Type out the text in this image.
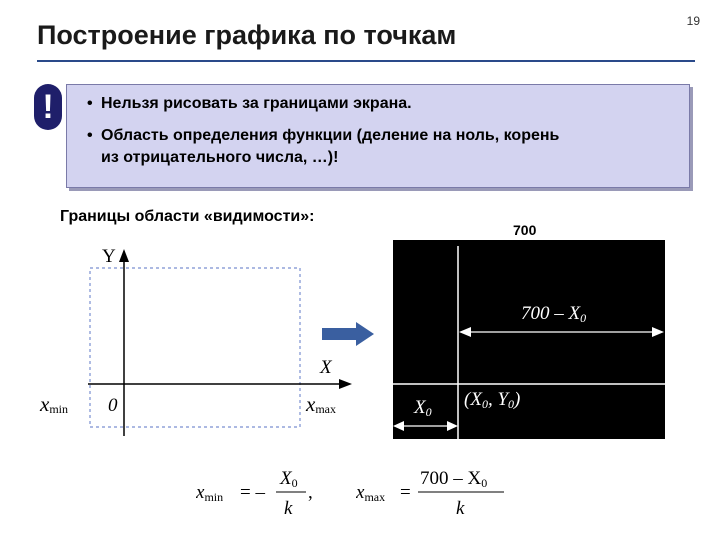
19
Построение графика по точкам
!	• Нельзя рисовать за границами экрана.
• Область определения функции (деление на ноль, корень
из отрицательного числа, …)!
Границы области «видимости»:
Y
X
0
xmin	xmax
700
700 – X0
X0
(X0, Y0)
xmin = –
X0
k
, xmax =
700 – X0
k
